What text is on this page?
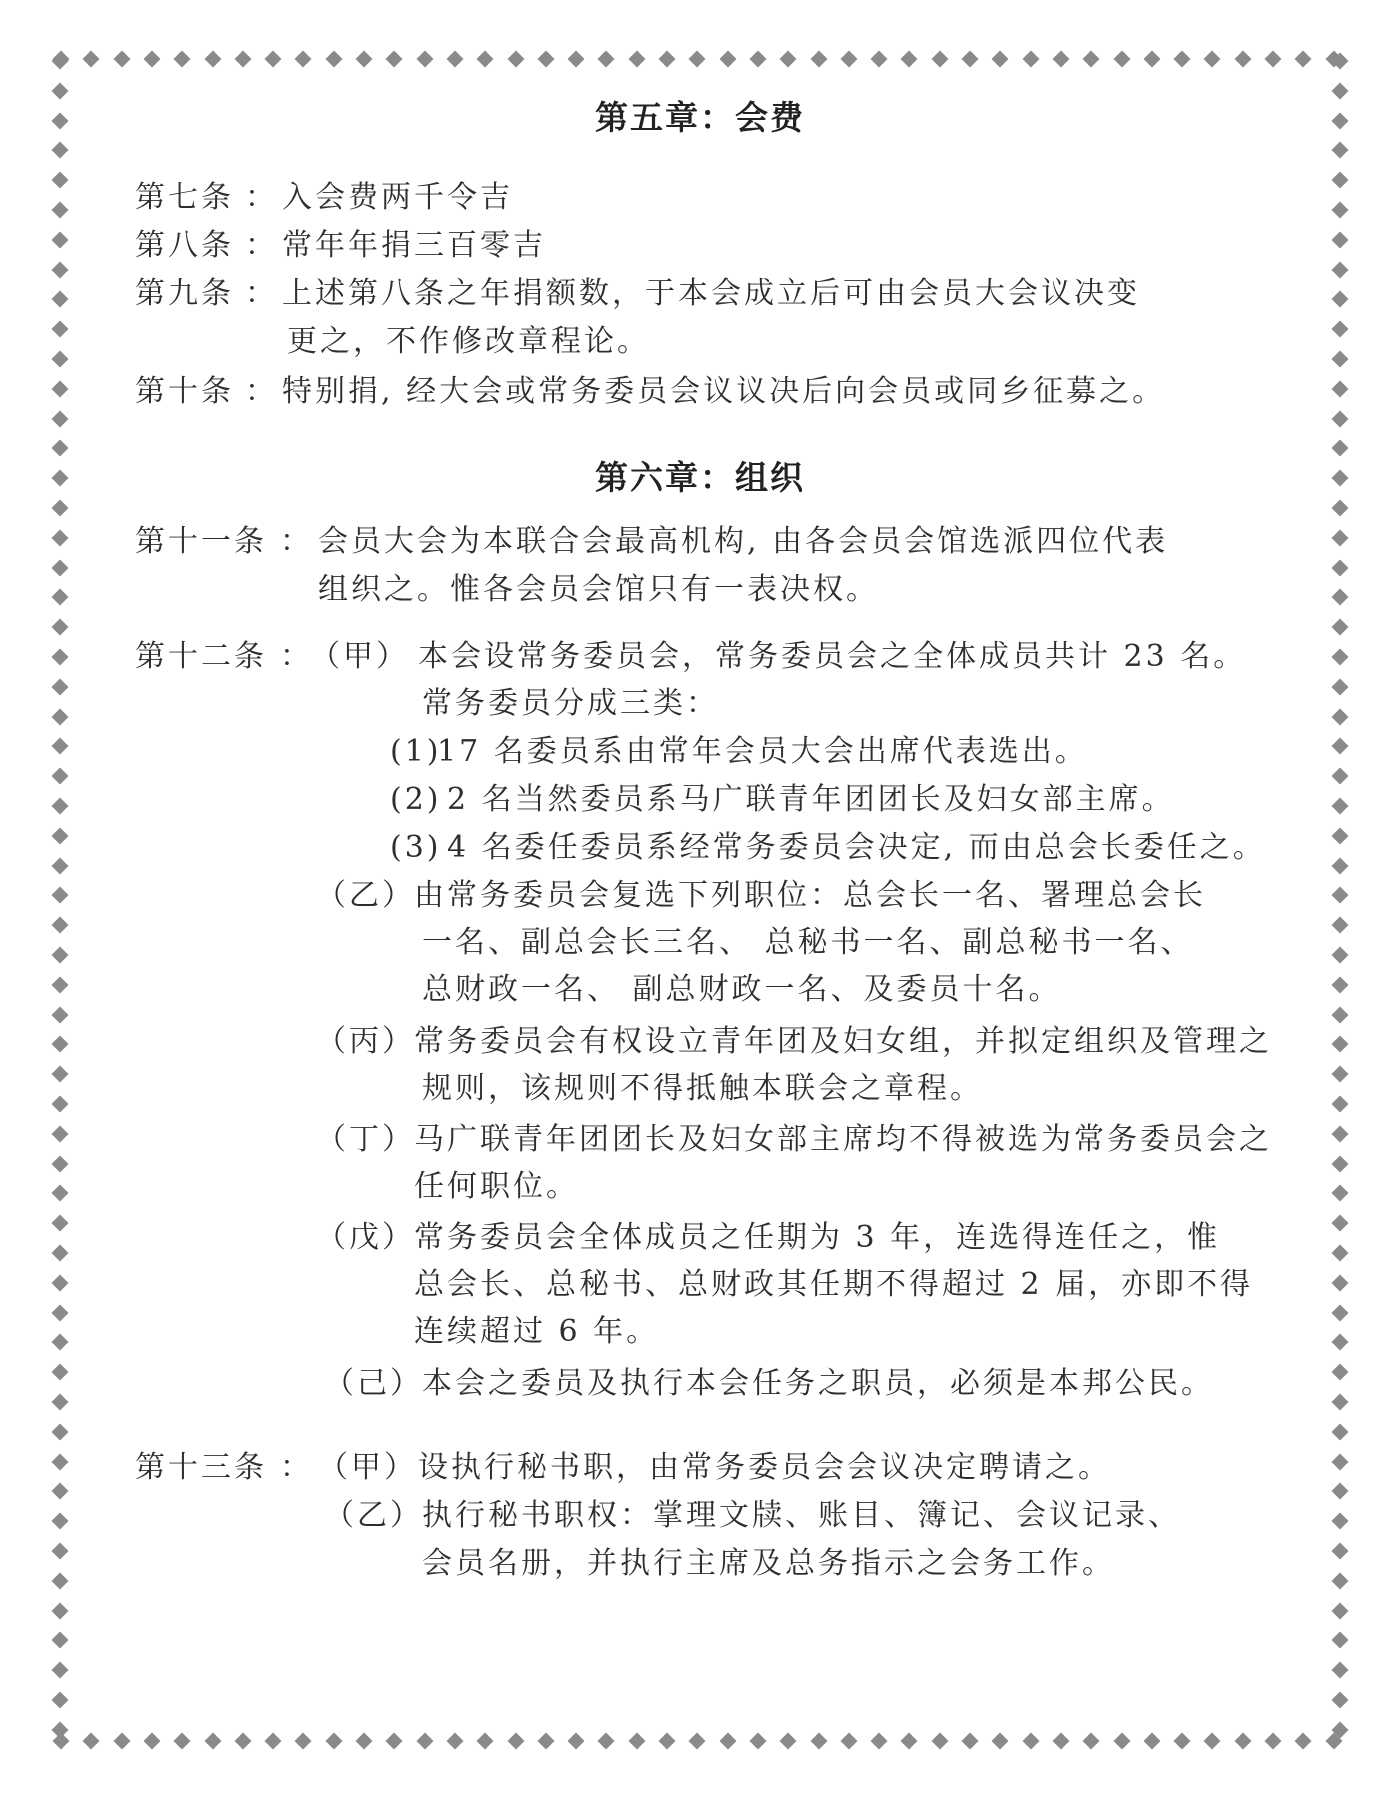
第五章：会费
第七条 ： 入会费两千令吉
第八条 ： 常年年捐三百零吉
第九条 ： 上述第八条之年捐额数，于本会成立后可由会员大会议决变
更之，不作修改章程论。
第十条 ： 特别捐, 经大会或常务委员会议议决后向会员或同乡征募之。
第六章：组织
第十一条 ： 会员大会为本联合会最高机构, 由各会员会馆选派四位代表
组织之。惟各会员会馆只有一表决权。
第十二条 ：
（甲） 本会设常务委员会，常务委员会之全体成员共计 23 名。
常务委员分成三类：
(1)
17 名委员系由常年会员大会出席代表选出。
(2) 2 名当然委员系马广联青年团团长及妇女部主席。
(3) 4 名委任委员系经常务委员会决定, 而由总会长委任之。
（乙） 由常务委员会复选下列职位：总会长一名、署理总会长
一名、副总会长三名、 总秘书一名、副总秘书一名、
总财政一名、 副总财政一名、及委员十名。
（丙） 常务委员会有权设立青年团及妇女组，并拟定组织及管理之
规则，该规则不得抵触本联会之章程。
（丁） 马广联青年团团长及妇女部主席均不得被选为常务委员会之
任何职位。
（戊） 常务委员会全体成员之任期为 3 年，连选得连任之，惟
总会长、总秘书、总财政其任期不得超过 2 届，亦即不得
连续超过 6 年。
（己） 本会之委员及执行本会任务之职员，必须是本邦公民。
第十三条 ： （甲） 设执行秘书职，由常务委员会会议决定聘请之。
（乙） 执行秘书职权：掌理文牍、账目、簿记、会议记录、
会员名册，并执行主席及总务指示之会务工作。
